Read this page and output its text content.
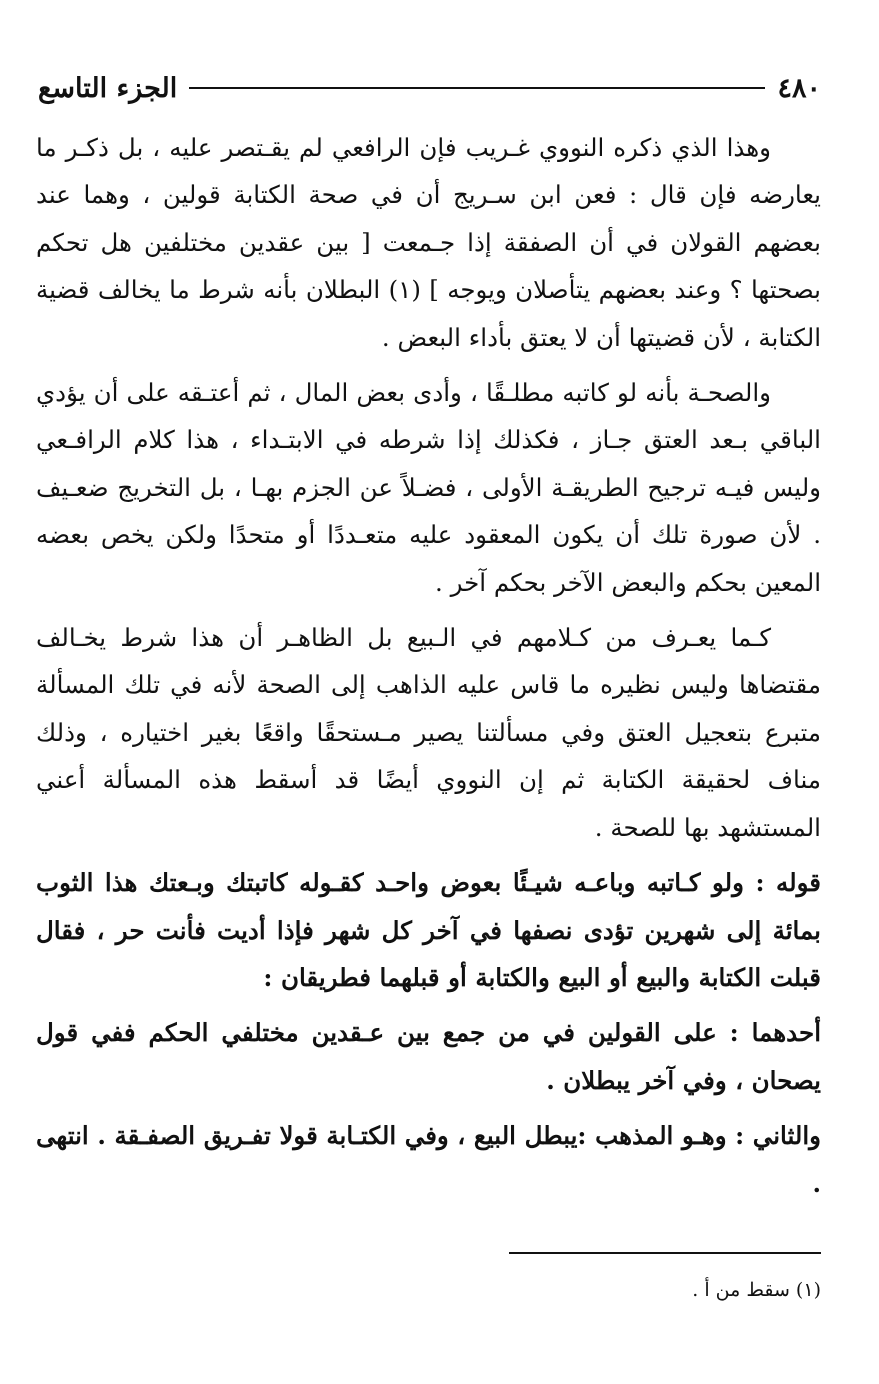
٤٨٠
الجزء التاسع

وهذا الذي ذكره النووي غـريب فإن الرافعي لم يقـتصر عليه ، بل ذكـر ما يعارضه فإن قال : فعن ابن سـريج أن في صحة الكتابة قولين ، وهما عند بعضهم القولان في أن الصفقة إذا جـمعت [ بين عقدين مختلفين هل تحكم بصحتها ؟ وعند بعضهم يتأصلان ويوجه ] (١) البطلان بأنه شرط ما يخالف قضية الكتابة ، لأن قضيتها أن لا يعتق بأداء البعض .

والصحـة بأنه لو كاتبه مطلـقًا ، وأدى بعض المال ، ثم أعتـقه على أن يؤدي الباقي بـعد العتق جـاز ، فكذلك إذا شرطه في الابتـداء ، هذا كلام الرافـعي وليس فيـه ترجيح الطريقـة الأولى ، فضـلاً عن الجزم بهـا ، بل التخريج ضعـيف . لأن صورة تلك أن يكون المعقود عليه متعـددًا أو متحدًا ولكن يخص بعضه المعين بحكم والبعض الآخر بحكم آخر .

كـما يعـرف من كـلامهم في الـبيع بل الظاهـر أن هذا شرط يخـالف مقتضاها وليس نظيره ما قاس عليه الذاهب إلى الصحة لأنه في تلك المسألة متبرع بتعجيل العتق وفي مسألتنا يصير مـستحقًا واقعًا بغير اختياره ، وذلك مناف لحقيقة الكتابة ثم إن النووي أيضًا قد أسقط هذه المسألة أعني المستشهد بها للصحة .

قوله : ولو كـاتبه وباعـه شيـئًا بعوض واحـد كقـوله كاتبتك وبـعتك هذا الثوب بمائة إلى شهرين تؤدى نصفها في آخر كل شهر فإذا أديت فأنت حر ، فقال قبلت الكتابة والبيع أو البيع والكتابة أو قبلهما فطريقان :

أحدهما : على القولين في من جمع بين عـقدين مختلفي الحكم ففي قول يصحان ، وفي آخر يبطلان .

والثاني : وهـو المذهب :يبطل البيع ، وفي الكتـابة قولا تفـريق الصفـقة . انتهى .

(١) سقط من أ .
